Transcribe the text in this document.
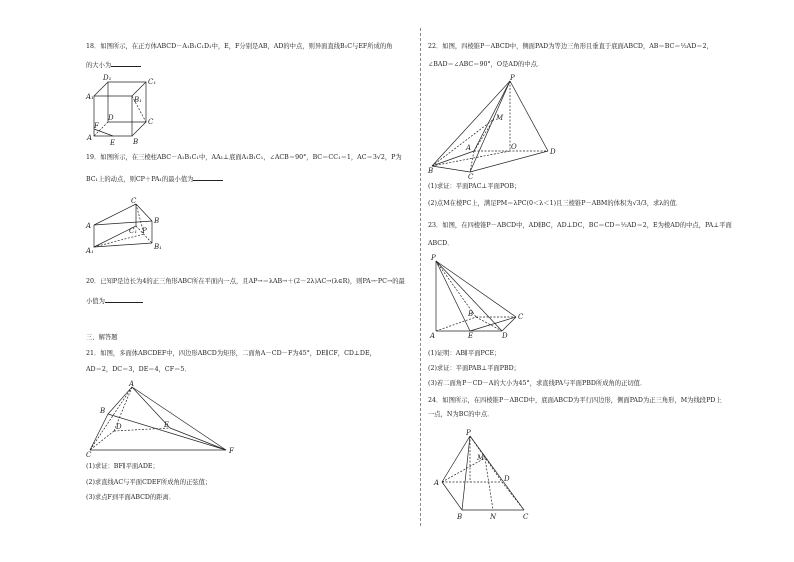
18．如图所示，在正方体ABCD－A₁B₁C₁D₁中，E，F分别是AB，AD的中点，则异面直线B₁C与EF所成的角
的大小为
D₁	C₁
A₁	B₁
D	C
F
A
E	B
19．如图所示，在三棱柱ABC－A₁B₁C₁中，AA₁⊥底面A₁B₁C₁，∠ACB＝90°，BC＝CC₁＝1，AC＝3√2，P为
BC₁上的动点，则CP＋PA₁的最小值为
C
C₁
A
A₁
P
B
B₁
20．已知P是边长为4的正三角形ABC所在平面内一点，且AP→＝λAB→＋(2－2λ)AC→(λ∈R)，则PA→·PC→的最
小值为
三、解答题
21．如图，多面体ABCDEF中，四边形ABCD为矩形，二面角A－CD－F为45°，DE∥CF，CD⊥DE，
AD＝2，DC＝3，DE＝4，CF＝5．
B
A
D	E
C	F
(1)求证：BF∥平面ADE；
(2)求直线AC与平面CDEF所成角的正弦值；
(3)求点F到平面ABCD的距离．
22．如图，四棱锥P－ABCD中，侧面PAD为等边三角形且垂直于底面ABCD，AB＝BC＝½AD＝2，
∠BAD＝∠ABC＝90°，O是AD的中点．
P
M
A	O
D
B
C
(1)求证：平面PAC⊥平面POB；
(2)点M在棱PC上，满足PM＝λPC(0＜λ＜1)且三棱锥P－ABM的体积为√3/3，求λ的值．
23．如图，在四棱锥P－ABCD中，AD∥BC，AD⊥DC，BC＝CD＝½AD＝2，E为棱AD的中点，PA⊥平面
ABCD．
P
B	C
A	E	D
(1)证明：AB∥平面PCE；
(2)求证：平面PAB⊥平面PBD；
(3)若二面角P－CD－A的大小为45°，求直线PA与平面PBD所成角的正切值．
24．如图所示，在四棱锥P－ABCD中，底面ABCD为平行四边形，侧面PAD为正三角形，M为线段PD上
一点，N为BC的中点．
P
M
D
A
B	N	C
